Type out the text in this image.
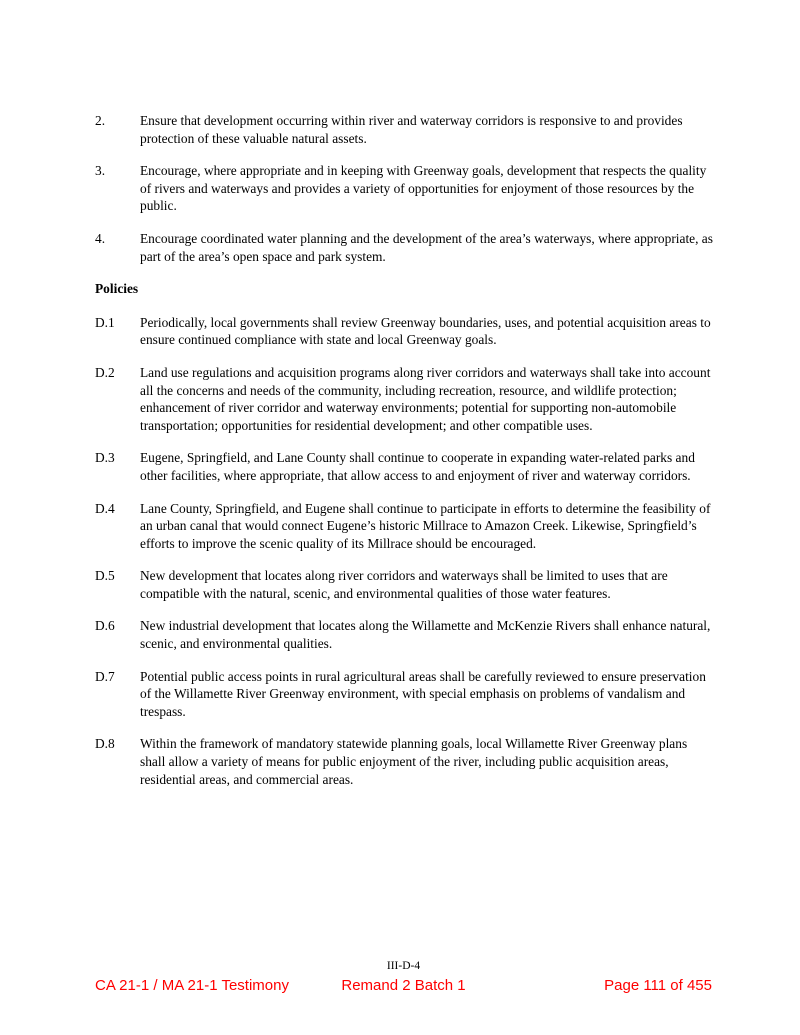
2.	Ensure that development occurring within river and waterway corridors is responsive to and provides protection of these valuable natural assets.
3.	Encourage, where appropriate and in keeping with Greenway goals, development that respects the quality of rivers and waterways and provides a variety of opportunities for enjoyment of those resources by the public.
4.	Encourage coordinated water planning and the development of the area’s waterways, where appropriate, as part of the area’s open space and park system.
Policies
D.1	Periodically, local governments shall review Greenway boundaries, uses, and potential acquisition areas to ensure continued compliance with state and local Greenway goals.
D.2	Land use regulations and acquisition programs along river corridors and waterways shall take into account all the concerns and needs of the community, including recreation, resource, and wildlife protection; enhancement of river corridor and waterway environments; potential for supporting non-automobile transportation; opportunities for residential development; and other compatible uses.
D.3	Eugene, Springfield, and Lane County shall continue to cooperate in expanding water-related parks and other facilities, where appropriate, that allow access to and enjoyment of river and waterway corridors.
D.4	Lane County, Springfield, and Eugene shall continue to participate in efforts to determine the feasibility of an urban canal that would connect Eugene’s historic Millrace to Amazon Creek. Likewise, Springfield’s efforts to improve the scenic quality of its Millrace should be encouraged.
D.5	New development that locates along river corridors and waterways shall be limited to uses that are compatible with the natural, scenic, and environmental qualities of those water features.
D.6	New industrial development that locates along the Willamette and McKenzie Rivers shall enhance natural, scenic, and environmental qualities.
D.7	Potential public access points in rural agricultural areas shall be carefully reviewed to ensure preservation of the Willamette River Greenway environment, with special emphasis on problems of vandalism and trespass.
D.8	Within the framework of mandatory statewide planning goals, local Willamette River Greenway plans shall allow a variety of means for public enjoyment of the river, including public acquisition areas, residential areas, and commercial areas.
III-D-4
CA 21-1 / MA 21-1 Testimony	Remand 2 Batch 1	Page 111 of 455
